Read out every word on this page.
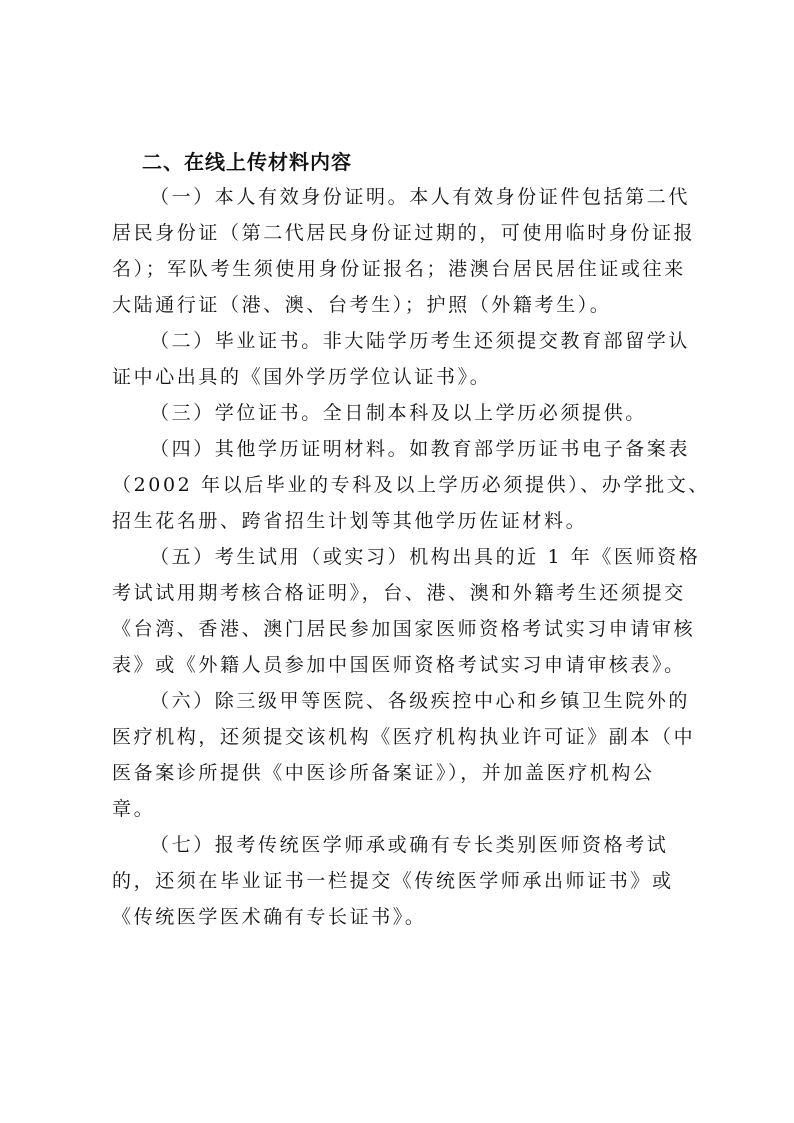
二、在线上传材料内容

（一）本人有效身份证明。本人有效身份证件包括第二代
居民身份证（第二代居民身份证过期的，可使用临时身份证报
名）；军队考生须使用身份证报名；港澳台居民居住证或往来
大陆通行证（港、澳、台考生）；护照（外籍考生）。

（二）毕业证书。非大陆学历考生还须提交教育部留学认
证中心出具的《国外学历学位认证书》。

（三）学位证书。全日制本科及以上学历必须提供。

（四）其他学历证明材料。如教育部学历证书电子备案表
（2002 年以后毕业的专科及以上学历必须提供）、办学批文、
招生花名册、跨省招生计划等其他学历佐证材料。

（五）考生试用（或实习）机构出具的近 1 年《医师资格
考试试用期考核合格证明》，台、港、澳和外籍考生还须提交
《台湾、香港、澳门居民参加国家医师资格考试实习申请审核
表》或《外籍人员参加中国医师资格考试实习申请审核表》。

（六）除三级甲等医院、各级疾控中心和乡镇卫生院外的
医疗机构，还须提交该机构《医疗机构执业许可证》副本（中
医备案诊所提供《中医诊所备案证》），并加盖医疗机构公
章。

（七）报考传统医学师承或确有专长类别医师资格考试
的，还须在毕业证书一栏提交《传统医学师承出师证书》或
《传统医学医术确有专长证书》。
